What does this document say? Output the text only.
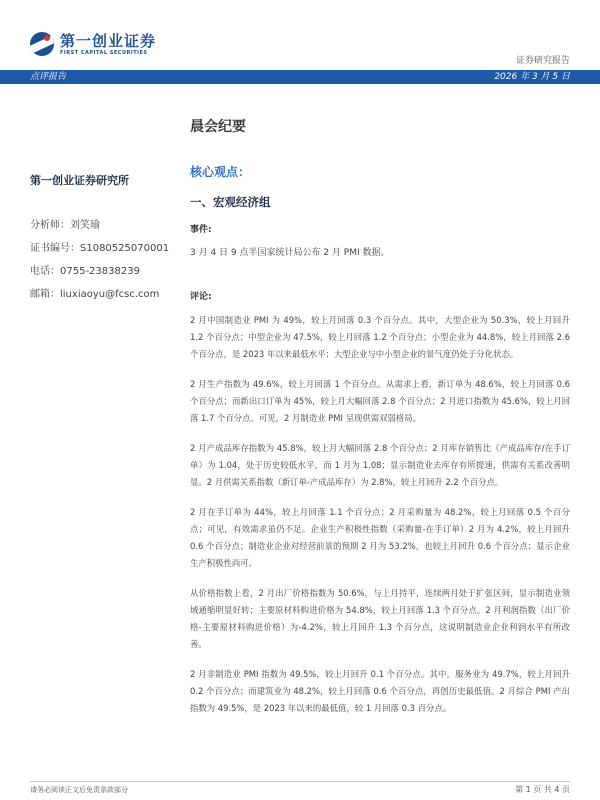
第一创业证券
FIRST CAPITAL SECURITIES
证券研究报告
点评报告	2026 年 3 月 5 日
晨会纪要
第一创业证券研究所
分析师：刘笑瑜
证书编号：S1080525070001
电话：0755-23838239
邮箱：liuxiaoyu@fcsc.com
核心观点：
一、宏观经济组
事件:
3 月 4 日 9 点半国家统计局公布 2 月 PMI 数据。
评论:

2 月中国制造业 PMI 为 49%，较上月回落 0.3 个百分点。其中，大型企业为 50.3%，较上月回升 1.2 个百分点；中型企业为 47.5%，较上月回落 1.2 个百分点；小型企业为 44.8%，较上月回落 2.6 个百分点，是 2023 年以来最低水平；大型企业与中小型企业的景气度仍处于分化状态。

2 月生产指数为 49.6%，较上月回落 1 个百分点。从需求上看，新订单为 48.6%，较上月回落 0.6 个百分点；而新出口订单为 45%，较上月大幅回落 2.8 个百分点；2 月进口指数为 45.6%，较上月回落 1.7 个百分点。可见，2 月制造业 PMI 呈现供需双弱格局。

2 月产成品库存指数为 45.8%，较上月大幅回落 2.8 个百分点；2 月库存销售比（产成品库存/在手订单）为 1.04，处于历史较低水平，而 1 月为 1.08；显示制造业去库存有所提速，供需有关系改善明显。2 月供需关系指数（新订单-产成品库存）为 2.8%，较上月回升 2.2 个百分点。

2 月在手订单为 44%，较上月回落 1.1 个百分点；2 月采购量为 48.2%，较上月回落 0.5 个百分点；可见，有效需求虽仍不足。企业生产积极性指数（采购量-在手订单）2 月为 4.2%，较上月回升 0.6 个百分点；制造业企业对经营前景的预期 2 月为 53.2%，也较上月回升 0.6 个百分点；显示企业生产积极性尚可。

从价格指数上看，2 月出厂价格指数为 50.6%，与上月持平，连续两月处于扩张区间，显示制造业领域通缩明显好转；主要原材料购进价格为 54.8%，较上月回落 1.3 个百分点。2 月利润指数（出厂价格-主要原材料购进价格）为-4.2%，较上月回升 1.3 个百分点，这说明制造业企业利润水平有所改善。

2 月非制造业 PMI 指数为 49.5%，较上月回升 0.1 个百分点。其中，服务业为 49.7%，较上月回升 0.2 个百分点；而建筑业为 48.2%，较上月回落 0.6 个百分点，再创历史最低值。2 月综合 PMI 产出指数为 49.5%，是 2023 年以来的最低值，较 1 月回落 0.3 百分点。

请务必阅读正文后免责条款部分	第 1 页 共 4 页
